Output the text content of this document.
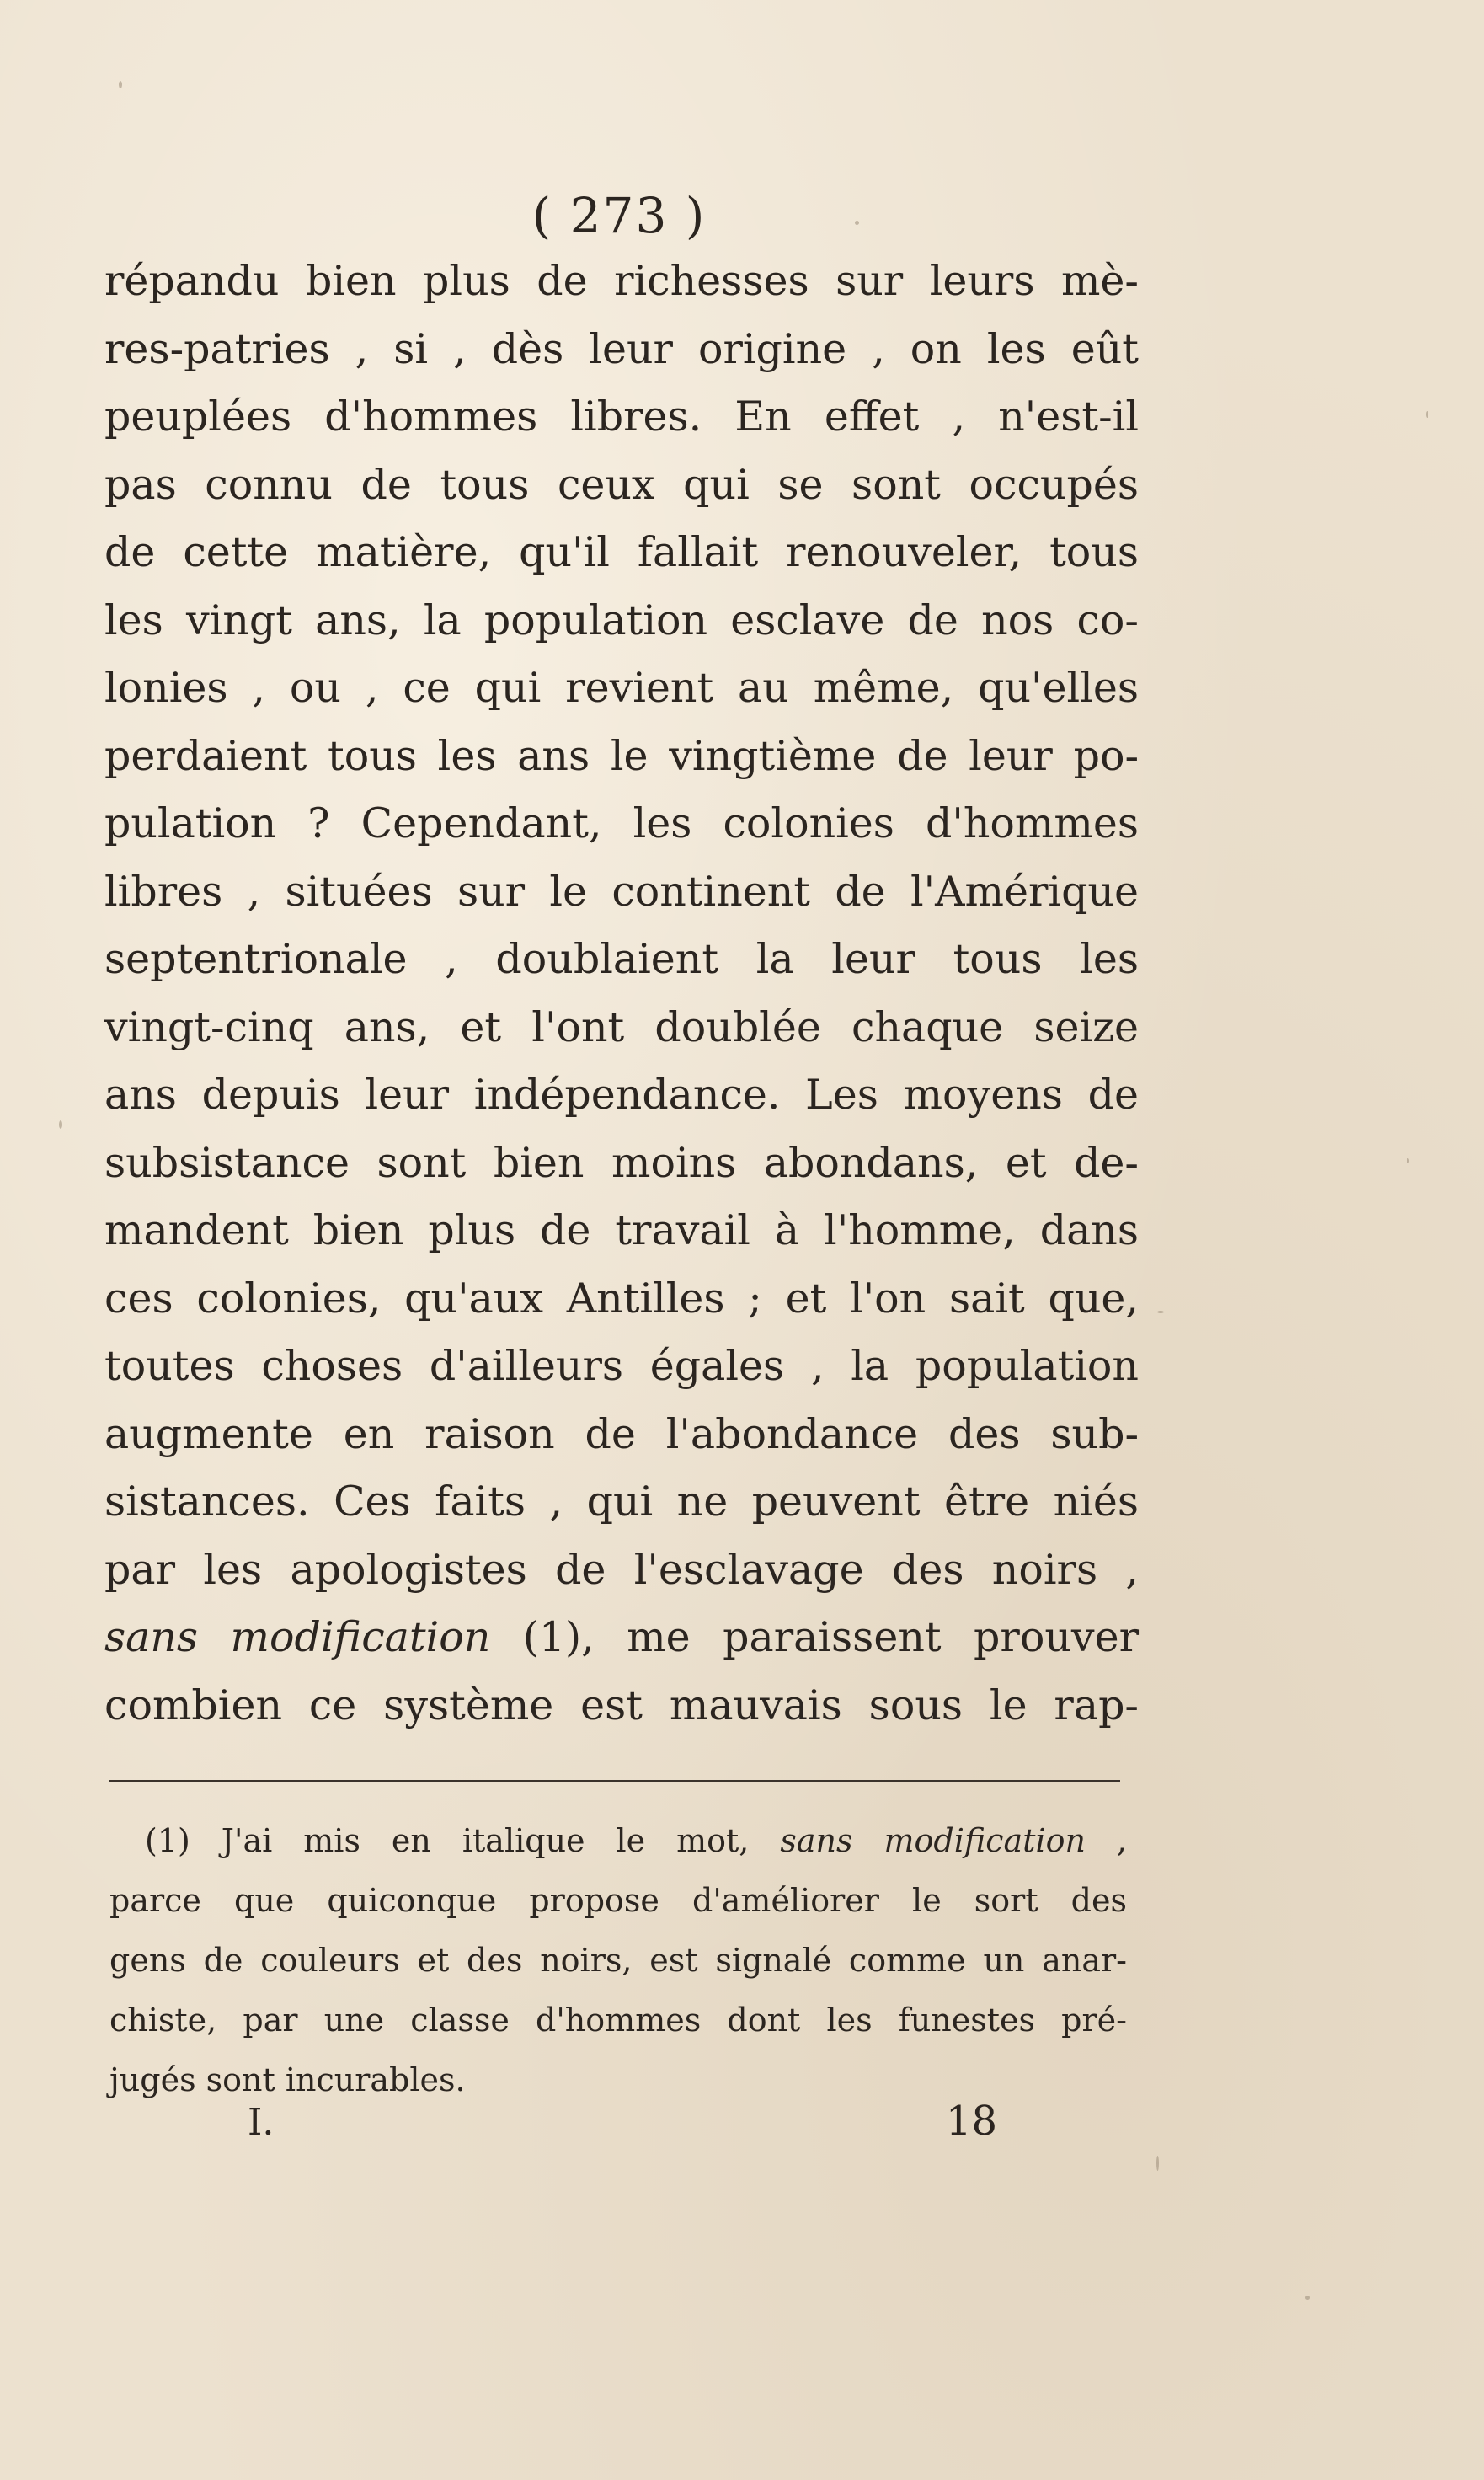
( 273 )
répandu bien plus de richesses sur leurs mè-
res-patries , si , dès leur origine , on les eût
peuplées d'hommes libres. En effet , n'est-il
pas connu de tous ceux qui se sont occupés
de cette matière, qu'il fallait renouveler, tous
les vingt ans, la population esclave de nos co-
lonies , ou , ce qui revient au même, qu'elles
perdaient tous les ans le vingtième de leur po-
pulation ? Cependant, les colonies d'hommes
libres , situées sur le continent de l'Amérique
septentrionale , doublaient la leur tous les
vingt-cinq ans, et l'ont doublée chaque seize
ans depuis leur indépendance. Les moyens de
subsistance sont bien moins abondans, et de-
mandent bien plus de travail à l'homme, dans
ces colonies, qu'aux Antilles ; et l'on sait que,
toutes choses d'ailleurs égales , la population
augmente en raison de l'abondance des sub-
sistances. Ces faits , qui ne peuvent être niés
par les apologistes de l'esclavage des noirs ,
sans modification (1), me paraissent prouver
combien ce système est mauvais sous le rap-
(1) J'ai mis en italique le mot, sans modification ,
parce que quiconque propose d'améliorer le sort des
gens de couleurs et des noirs, est signalé comme un anar-
chiste, par une classe d'hommes dont les funestes pré-
jugés sont incurables.
I.	18
